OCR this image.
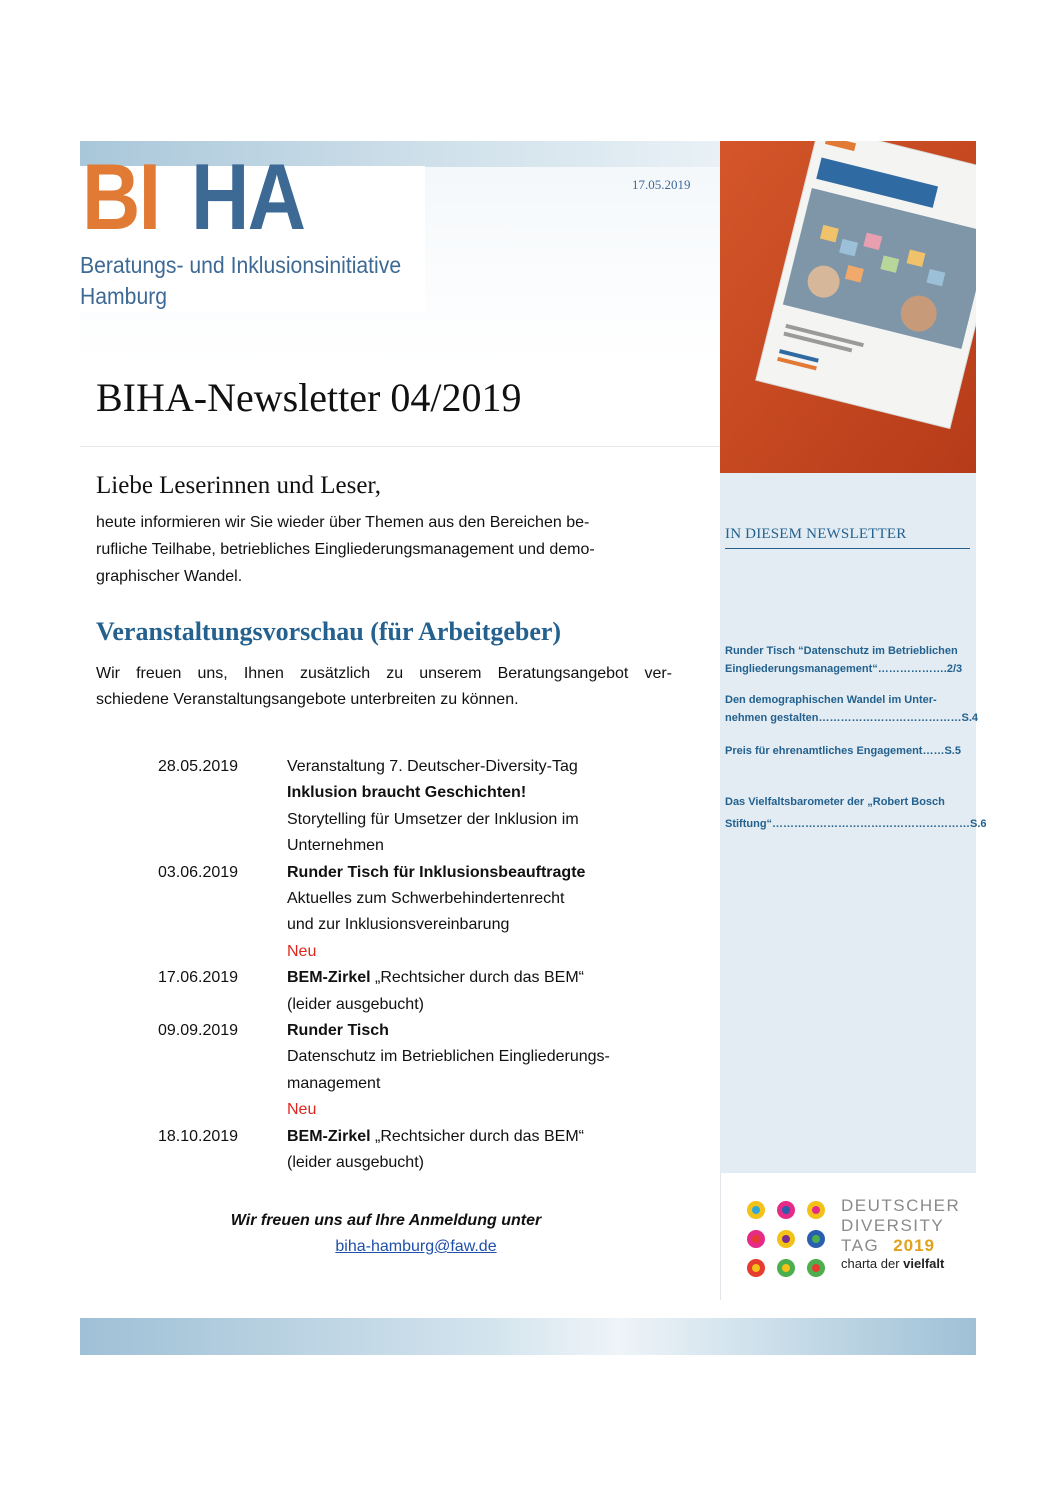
BI HA
Beratungs- und Inklusionsinitiative
Hamburg
17.05.2019
BIHA-Newsletter 04/2019
Liebe Leserinnen und Leser,
heute informieren wir Sie wieder über Themen aus den Bereichen be-
rufliche Teilhabe, betriebliches Eingliederungsmanagement und demo-
graphischer Wandel.
Veranstaltungsvorschau (für Arbeitgeber)
Wir freuen uns, Ihnen zusätzlich zu unserem Beratungsangebot ver-
schiedene Veranstaltungsangebote unterbreiten zu können.
28.05.2019	Veranstaltung 7. Deutscher-Diversity-Tag
Inklusion braucht Geschichten!
Storytelling für Umsetzer der Inklusion im
Unternehmen
03.06.2019	Runder Tisch für Inklusionsbeauftragte
Aktuelles zum Schwerbehindertenrecht
und zur Inklusionsvereinbarung
Neu
17.06.2019	BEM-Zirkel „Rechtsicher durch das BEM“
(leider ausgebucht)
09.09.2019	Runder Tisch
Datenschutz im Betrieblichen Eingliederungs-
management
Neu
18.10.2019	BEM-Zirkel „Rechtsicher durch das BEM“
(leider ausgebucht)
Wir freuen uns auf Ihre Anmeldung unter
biha-hamburg@faw.de
IN DIESEM NEWSLETTER
Runder Tisch “Datenschutz im Betrieblichen
Eingliederungsmanagement“……………….2/3
Den demographischen Wandel im Unter-
nehmen gestalten…………………………………S.4
Preis für ehrenamtliches Engagement……S.5
Das Vielfaltsbarometer der „Robert Bosch
Stiftung“………………………………………………S.6
DEUTSCHER
DIVERSITY
TAG 2019
charta der vielfalt
